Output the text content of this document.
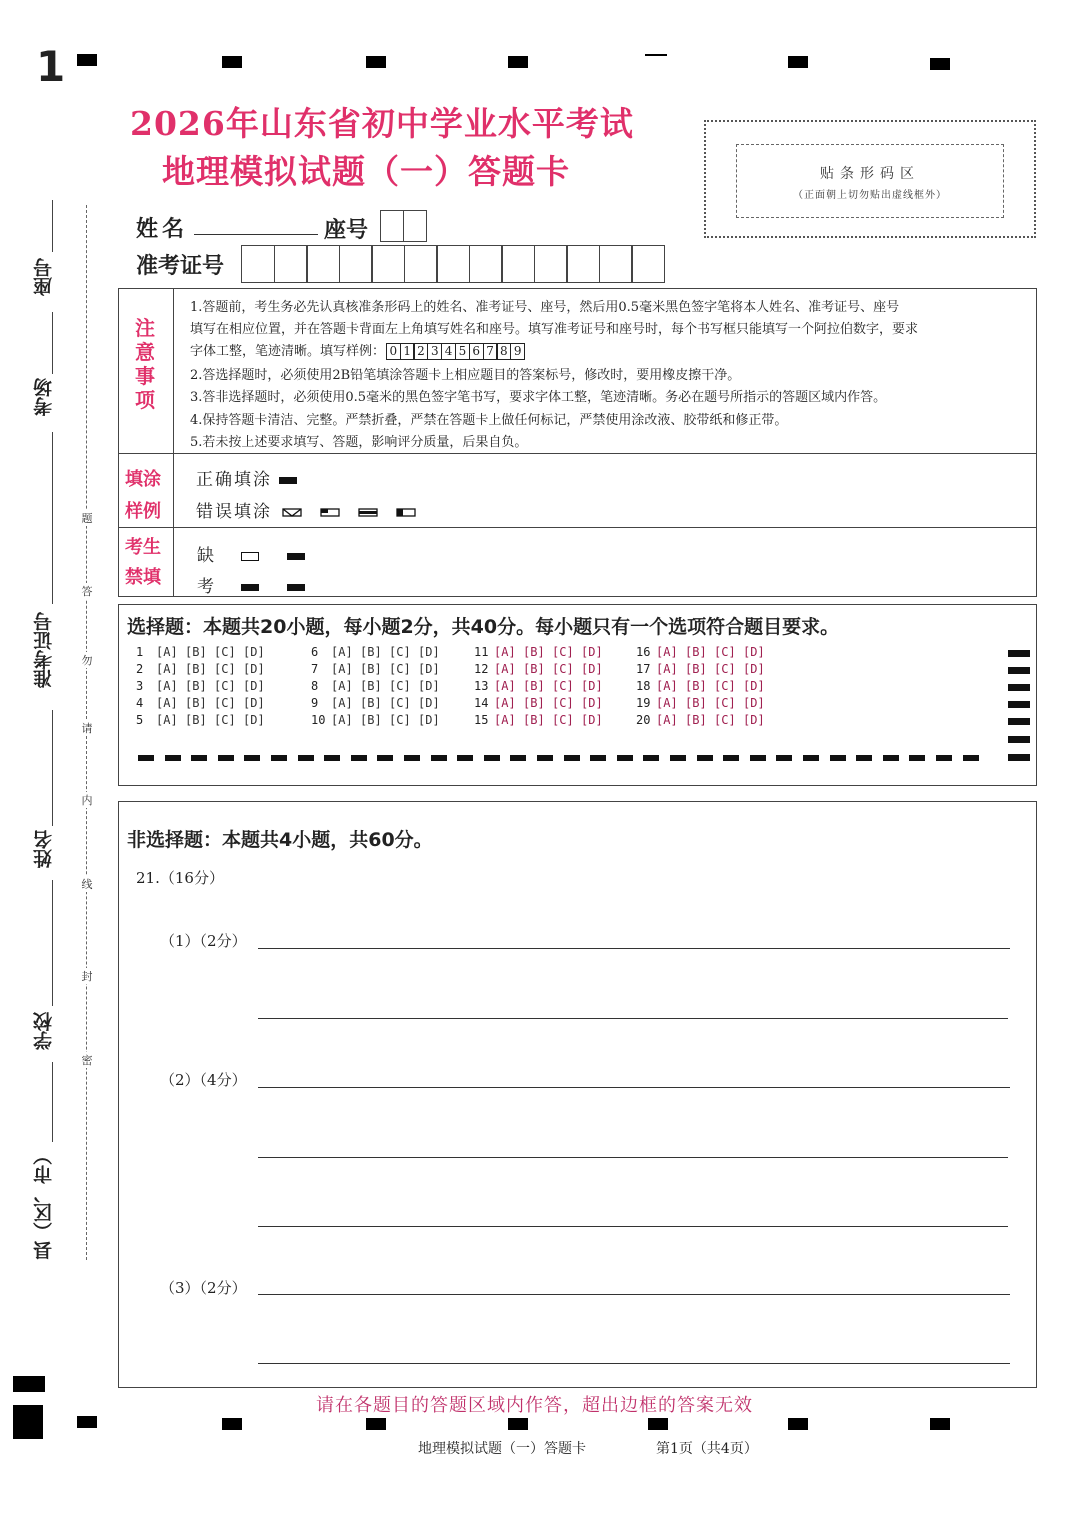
1
2026年山东省初中学业水平考试
地理模拟试题（一）答题卡	贴条形码区
（正面朝上切勿贴出虚线框外）
姓名	座号
准考证号
注
意
事
项
1.答题前，考生务必先认真核准条形码上的姓名、准考证号、座号，然后用0.5毫米黑色签字笔将本人姓名、准考证号、座号
填写在相应位置，并在答题卡背面左上角填写姓名和座号。填写准考证号和座号时，每个书写框只能填写一个阿拉伯数字，要求
字体工整，笔迹清晰。填写样例： 0 1 2 3 4 5 6 7 8 9
2.答选择题时，必须使用2B铅笔填涂答题卡上相应题目的答案标号，修改时，要用橡皮擦干净。
3.答非选择题时，必须使用0.5毫米的黑色签字笔书写，要求字体工整，笔迹清晰。务必在题号所指示的答题区域内作答。
4.保持答题卡清洁、完整。严禁折叠，严禁在答题卡上做任何标记，严禁使用涂改液、胶带纸和修正带。
5.若未按上述要求填写、答题，影响评分质量，后果自负。
填涂
样例
正确填涂
错误填涂
考生
禁填
缺
考
选择题：本题共20小题，每小题2分，共40分。每小题只有一个选项符合题目要求。
1 [A] [B] [C] [D]
2 [A] [B] [C] [D]
3 [A] [B] [C] [D]
4 [A] [B] [C] [D]
5 [A] [B] [C] [D]
6 [A] [B] [C] [D]
7 [A] [B] [C] [D]
8 [A] [B] [C] [D]
9 [A] [B] [C] [D]
10 [A] [B] [C] [D]
11 [A] [B] [C] [D]
12 [A] [B] [C] [D]
13 [A] [B] [C] [D]
14 [A] [B] [C] [D]
15 [A] [B] [C] [D]
16 [A] [B] [C] [D]
17 [A] [B] [C] [D]
18 [A] [B] [C] [D]
19 [A] [B] [C] [D]
20 [A] [B] [C] [D]
非选择题：本题共4小题，共60分。
21.（16分）
（1）（2分）
（2）（4分）
（3）（2分）
请在各题目的答题区域内作答，超出边框的答案无效
地理模拟试题（一）答题卡	第1页（共4页）
题
答
勿
请
内
线
封
密
座号
考场
准考证号
姓名
学校
县（区、市）
